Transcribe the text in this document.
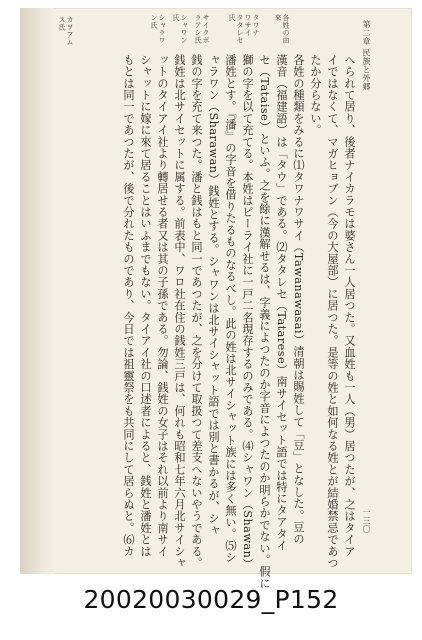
第二章 民族と外郷
一三〇
へられて居り、後者ナイカラモは婆さん一人居つた。又血姓も一人（男）居つたが、之はタイア
イではなくて、マガヒョブン（今の大屋部）に居つた。是等の姓と如何なる姓とが結婚禁忌であつ
たか分らない。
各姓の種類をみるに⑴タワナワサイ（Tawanawasai）清朝は賜姓して「豆」となした。豆の
漢音（福建語）は「タウ」である。⑵タタレセ（Tatarese）南サイセット語では特にタアタイ
セ（Tataise）といふ。之を餘に漢解せるは、字義によつたのか字音によつたのか明らかでない。假に
獅の字を以て充てる。本姓はピーライ社に一戸二名現存するのみである。⑷シャワン（Shawan）
潘姓とす。『潘』の字音を借りたるものなるべし。此の姓は北サイシャット族には多く無い。⑸シ
ャラワン（Sharawan）銭姓とする。シャワンは北サイシャット語では別と書かるが、シャ
銭の字を充て来つた。潘と銭はもと同一であつたが、之を分けて取扱つて差支へないやうである。
銭姓は北サイセットに属する。前表中、ワロ社在住の銭姓三戸は、何れも昭和七年六月北サイシャ
ットのタイアイ社より轉居せる者又は其の子孫である。勿論、銭姓の女子はそれ以前より南サイ
シャットに嫁に來て居ることはいふまでもない。タイアイ社の口述者によると、銭姓と潘姓とは
もとは同一であつたが、後で分れたものであり、今日では祖靈祭をも共同にして居らぬと。⑹カ
各姓の由
来
タワナ
ワサイ
タタレセ
氏
サイクポ
ラアシ氏
シャワン
氏
シャラワ
ン氏
カヲアム
ス氏
20020030029_P152
